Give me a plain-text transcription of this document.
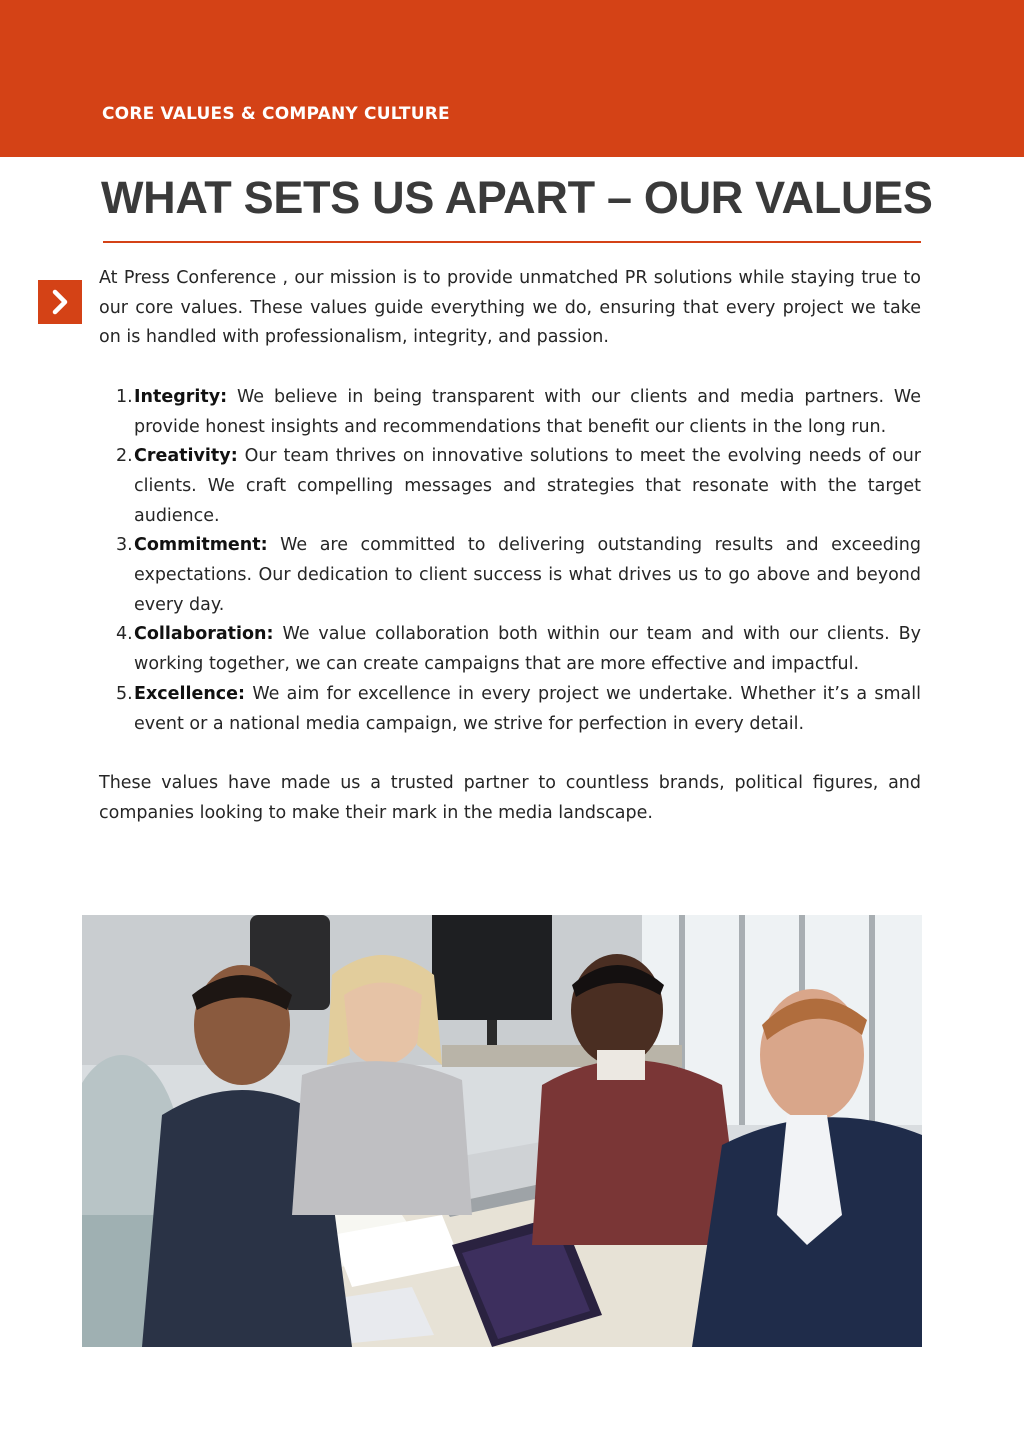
CORE VALUES & COMPANY CULTURE
WHAT SETS US APART – OUR VALUES

At Press Conference , our mission is to provide unmatched PR solutions while staying true to our core values. These values guide everything we do, ensuring that every project we take on is handled with professionalism, integrity, and passion.

1. Integrity: We believe in being transparent with our clients and media partners. We provide honest insights and recommendations that benefit our clients in the long run.
2. Creativity: Our team thrives on innovative solutions to meet the evolving needs of our clients. We craft compelling messages and strategies that resonate with the target audience.
3. Commitment: We are committed to delivering outstanding results and exceeding expectations. Our dedication to client success is what drives us to go above and beyond every day.
4. Collaboration: We value collaboration both within our team and with our clients. By working together, we can create campaigns that are more effective and impactful.
5. Excellence: We aim for excellence in every project we undertake. Whether it’s a small event or a national media campaign, we strive for perfection in every detail.

These values have made us a trusted partner to countless brands, political figures, and companies looking to make their mark in the media landscape.
